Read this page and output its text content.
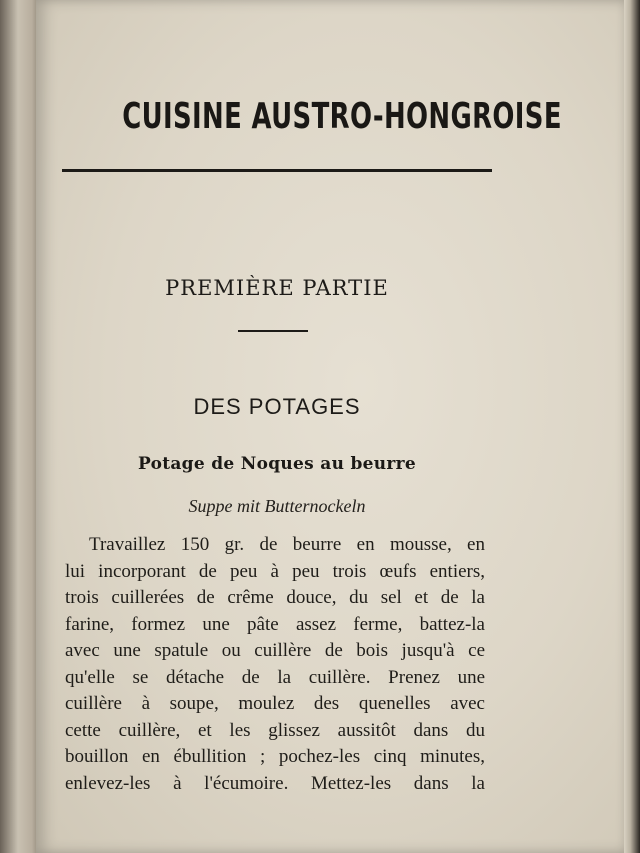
CUISINE AUSTRO-HONGROISE
PREMIÈRE PARTIE
DES POTAGES
Potage de Noques au beurre
Suppe mit Butternockeln
Travaillez 150 gr. de beurre en mousse, en
lui incorporant de peu à peu trois œufs entiers,
trois cuillerées de crême douce, du sel et de la
farine, formez une pâte assez ferme, battez-la
avec une spatule ou cuillère de bois jusqu'à ce
qu'elle se détache de la cuillère. Prenez une
cuillère à soupe, moulez des quenelles avec
cette cuillère, et les glissez aussitôt dans du
bouillon en ébullition ; pochez-les cinq minutes,
enlevez-les à l'écumoire. Mettez-les dans la
